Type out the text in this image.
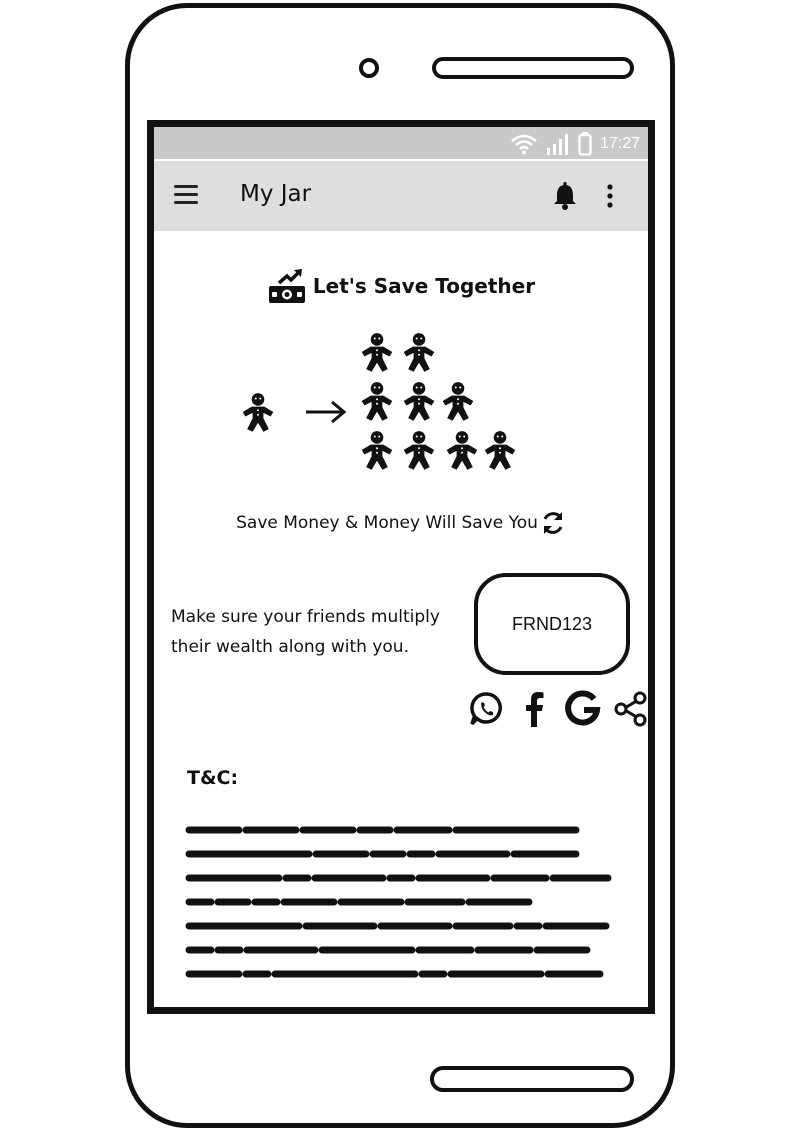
17:27
My Jar
Let's Save Together
Save Money & Money Will Save You
Make sure your friends multiply their wealth along with you.
FRND123
T&C:
